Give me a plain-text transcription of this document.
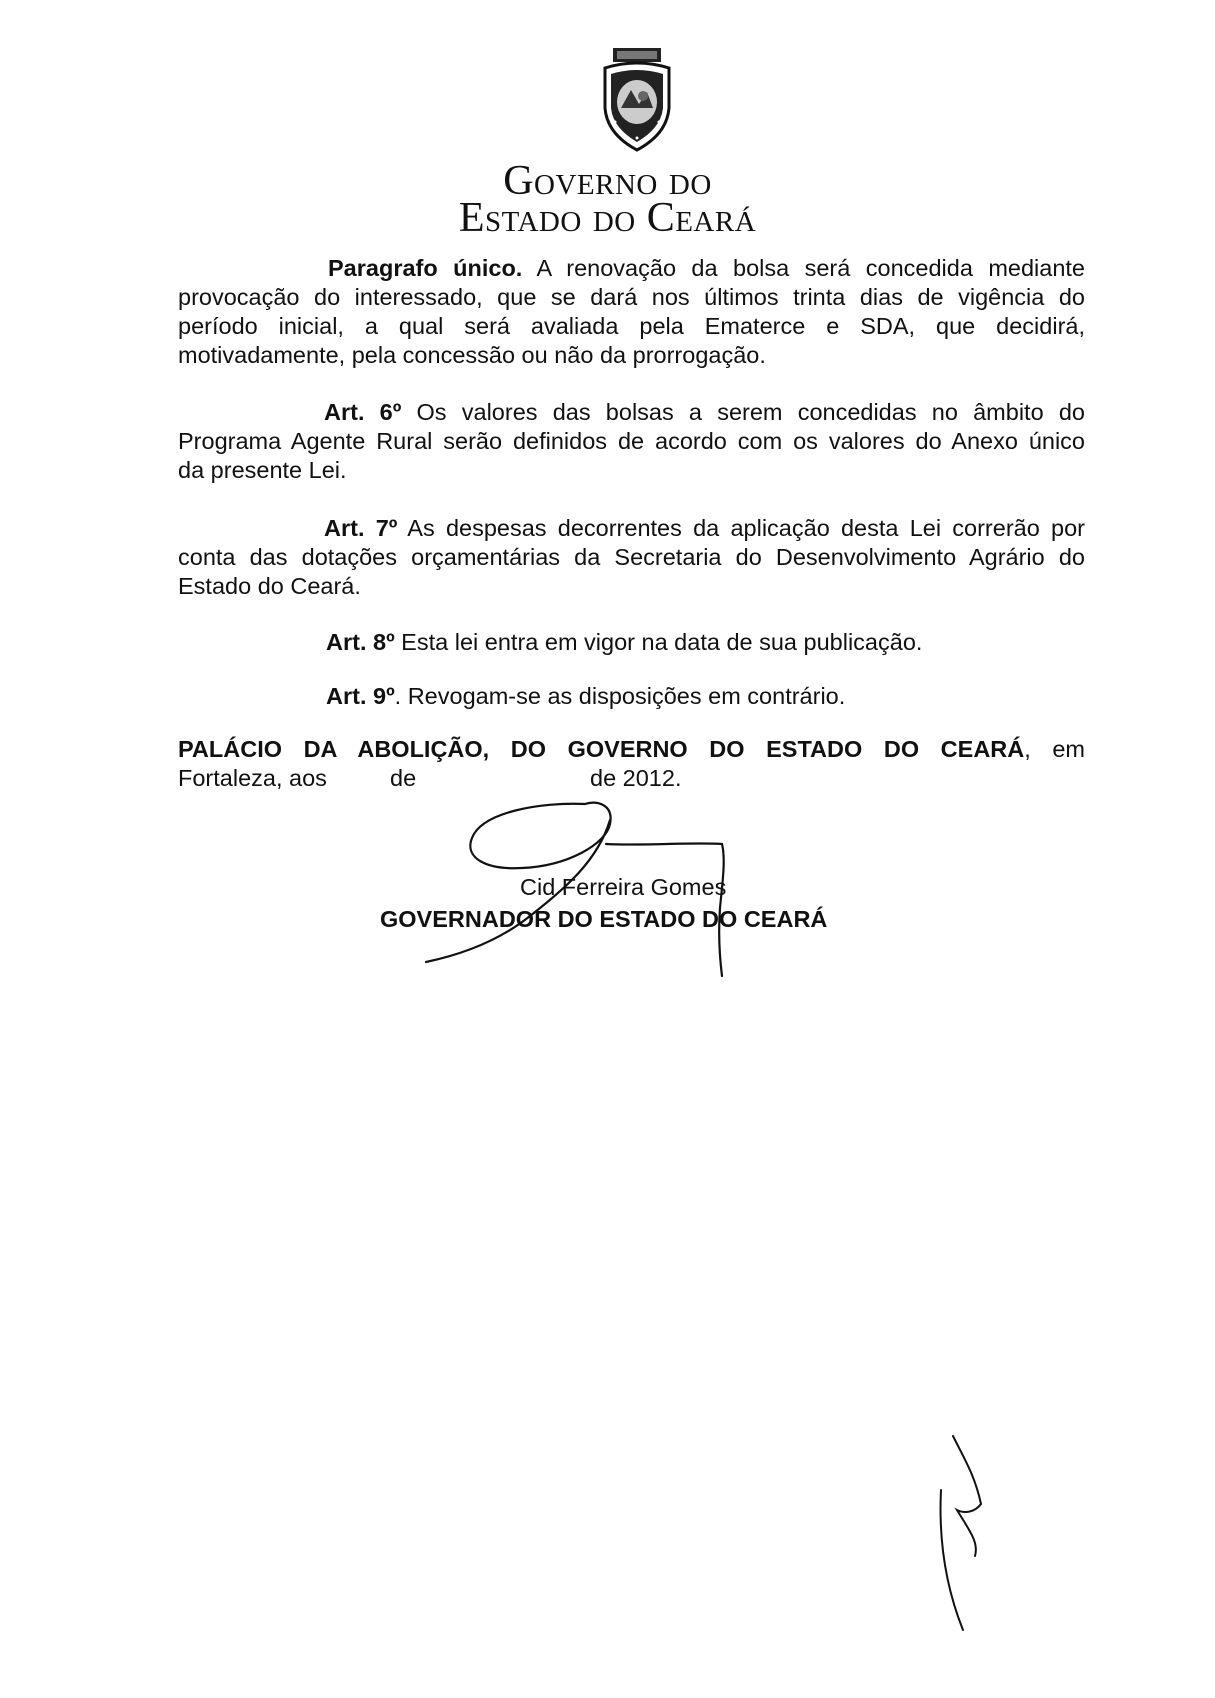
Governo do
Estado do Ceará
Paragrafo único. A renovação da bolsa será concedida mediante
provocação do interessado, que se dará nos últimos trinta dias de vigência do
período inicial, a qual será avaliada pela Ematerce e SDA, que decidirá,
motivadamente, pela concessão ou não da prorrogação.
Art. 6º Os valores das bolsas a serem concedidas no âmbito do
Programa Agente Rural serão definidos de acordo com os valores do Anexo único
da presente Lei.
Art. 7º As despesas decorrentes da aplicação desta Lei correrão por
conta das dotações orçamentárias da Secretaria do Desenvolvimento Agrário do
Estado do Ceará.
Art. 8º Esta lei entra em vigor na data de sua publicação.
Art. 9º. Revogam-se as disposições em contrário.
PALÁCIO DA ABOLIÇÃO, DO GOVERNO DO ESTADO DO CEARÁ, em
Fortaleza, aos	de	de 2012.
Cid Ferreira Gomes
GOVERNADOR DO ESTADO DO CEARÁ
